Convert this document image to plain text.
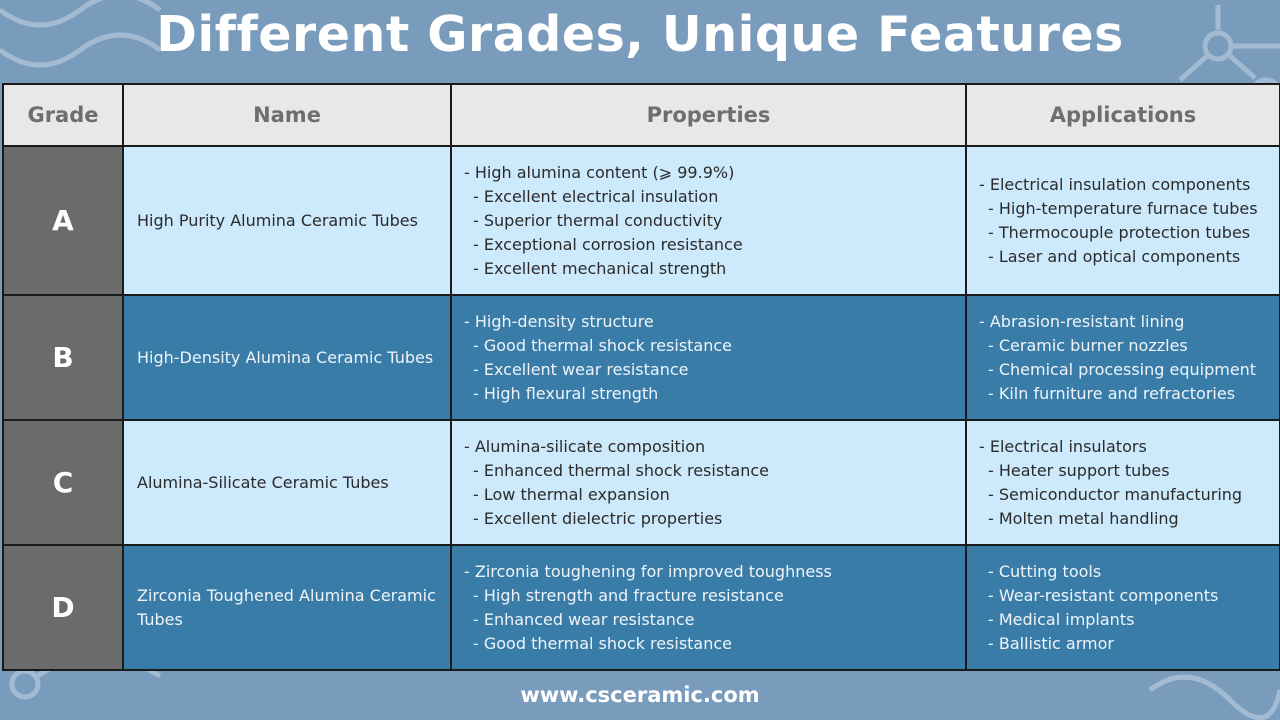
Different Grades, Unique Features
Grade	Name	Properties	Applications
A	High Purity Alumina Ceramic Tubes	- High alumina content (⩾ 99.9%)
- Excellent electrical insulation
- Superior thermal conductivity
- Exceptional corrosion resistance
- Excellent mechanical strength	- Electrical insulation components
- High-temperature furnace tubes
- Thermocouple protection tubes
- Laser and optical components

B	High-Density Alumina Ceramic Tubes	- High-density structure
- Good thermal shock resistance
- Excellent wear resistance
- High flexural strength	- Abrasion-resistant lining
- Ceramic burner nozzles
- Chemical processing equipment
- Kiln furniture and refractories

C	Alumina-Silicate Ceramic Tubes	- Alumina-silicate composition
- Enhanced thermal shock resistance
- Low thermal expansion
- Excellent dielectric properties	- Electrical insulators
- Heater support tubes
- Semiconductor manufacturing
- Molten metal handling

D	Zirconia Toughened Alumina Ceramic Tubes	- Zirconia toughening for improved toughness
- High strength and fracture resistance
- Enhanced wear resistance
- Good thermal shock resistance	- Cutting tools
- Wear-resistant components
- Medical implants
- Ballistic armor
www.csceramic.com
